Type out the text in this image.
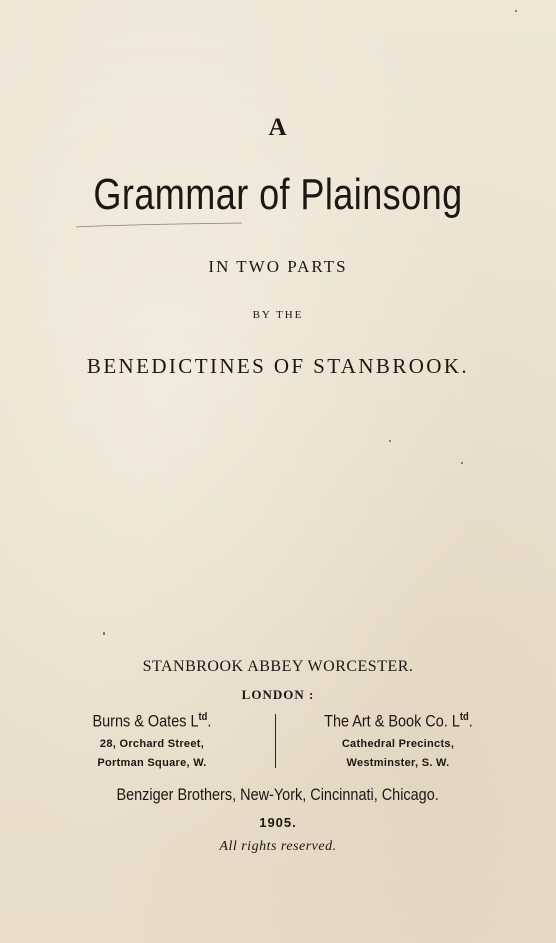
A
Grammar of Plainsong
IN TWO PARTS
BY THE
BENEDICTINES OF STANBROOK.
STANBROOK ABBEY WORCESTER.
LONDON :
Burns & Oates $L^{td}$.
28, Orchard Street,
Portman Square, W.
The Art & Book Co. $L^{td}$.
Cathedral Precincts,
Westminster, S. W.
Benziger Brothers, New-York, Cincinnati, Chicago.
1905.
All rights reserved.
